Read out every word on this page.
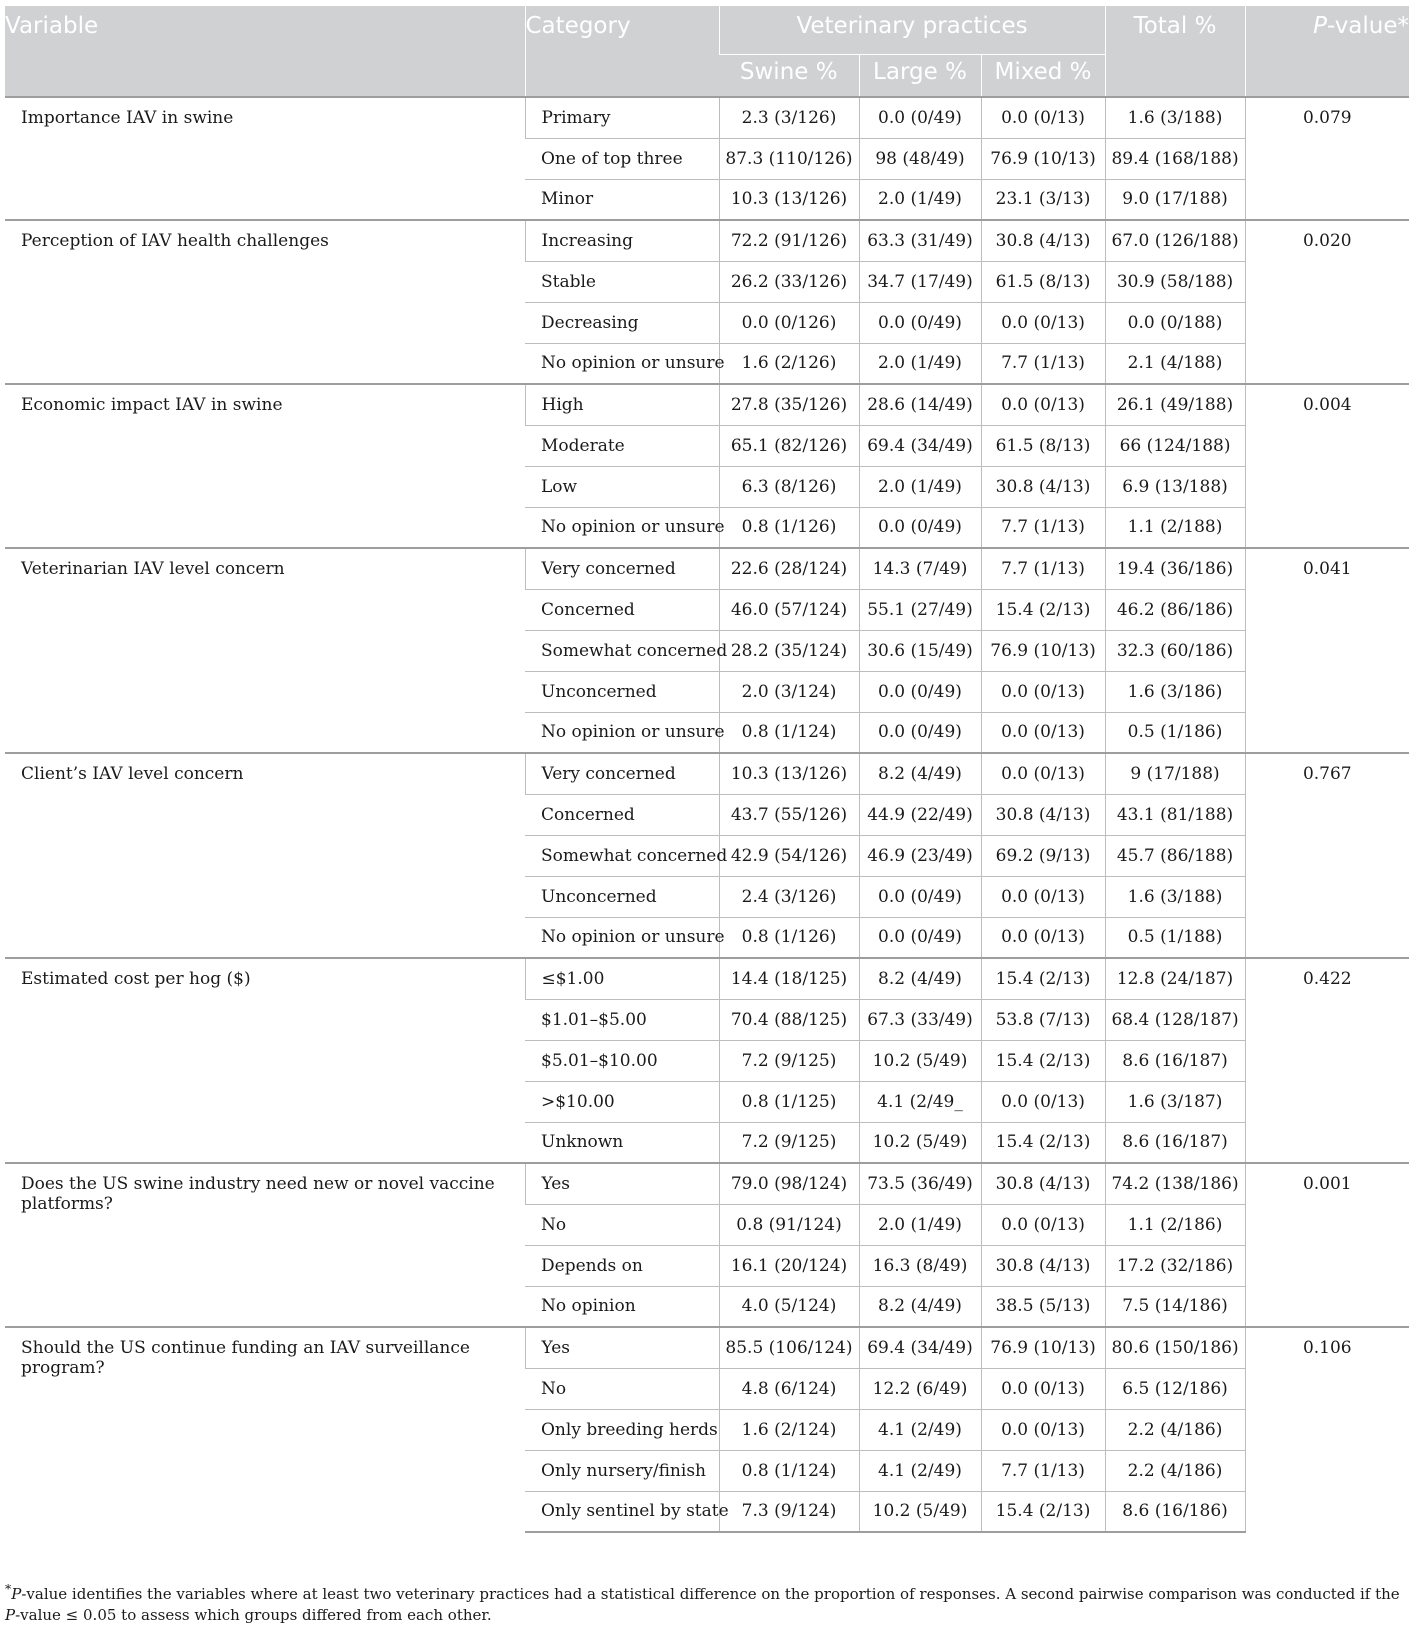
Variable	Category	Veterinary practices			Total %	P-value*
		Swine %	Large %	Mixed %		
Importance IAV in swine	Primary	2.3 (3/126)	0.0 (0/49)	0.0 (0/13)	1.6 (3/188)	0.079
	One of top three	87.3 (110/126)	98 (48/49)	76.9 (10/13)	89.4 (168/188)	
	Minor	10.3 (13/126)	2.0 (1/49)	23.1 (3/13)	9.0 (17/188)	
Perception of IAV health challenges	Increasing	72.2 (91/126)	63.3 (31/49)	30.8 (4/13)	67.0 (126/188)	0.020
	Stable	26.2 (33/126)	34.7 (17/49)	61.5 (8/13)	30.9 (58/188)	
	Decreasing	0.0 (0/126)	0.0 (0/49)	0.0 (0/13)	0.0 (0/188)	
	No opinion or unsure	1.6 (2/126)	2.0 (1/49)	7.7 (1/13)	2.1 (4/188)	
Economic impact IAV in swine	High	27.8 (35/126)	28.6 (14/49)	0.0 (0/13)	26.1 (49/188)	0.004
	Moderate	65.1 (82/126)	69.4 (34/49)	61.5 (8/13)	66 (124/188)	
	Low	6.3 (8/126)	2.0 (1/49)	30.8 (4/13)	6.9 (13/188)	
	No opinion or unsure	0.8 (1/126)	0.0 (0/49)	7.7 (1/13)	1.1 (2/188)	
Veterinarian IAV level concern	Very concerned	22.6 (28/124)	14.3 (7/49)	7.7 (1/13)	19.4 (36/186)	0.041
	Concerned	46.0 (57/124)	55.1 (27/49)	15.4 (2/13)	46.2 (86/186)	
	Somewhat concerned	28.2 (35/124)	30.6 (15/49)	76.9 (10/13)	32.3 (60/186)	
	Unconcerned	2.0 (3/124)	0.0 (0/49)	0.0 (0/13)	1.6 (3/186)	
	No opinion or unsure	0.8 (1/124)	0.0 (0/49)	0.0 (0/13)	0.5 (1/186)	
Client’s IAV level concern	Very concerned	10.3 (13/126)	8.2 (4/49)	0.0 (0/13)	9 (17/188)	0.767
	Concerned	43.7 (55/126)	44.9 (22/49)	30.8 (4/13)	43.1 (81/188)	
	Somewhat concerned	42.9 (54/126)	46.9 (23/49)	69.2 (9/13)	45.7 (86/188)	
	Unconcerned	2.4 (3/126)	0.0 (0/49)	0.0 (0/13)	1.6 (3/188)	
	No opinion or unsure	0.8 (1/126)	0.0 (0/49)	0.0 (0/13)	0.5 (1/188)	
Estimated cost per hog ($)	≤$1.00	14.4 (18/125)	8.2 (4/49)	15.4 (2/13)	12.8 (24/187)	0.422
	$1.01–$5.00	70.4 (88/125)	67.3 (33/49)	53.8 (7/13)	68.4 (128/187)	
	$5.01–$10.00	7.2 (9/125)	10.2 (5/49)	15.4 (2/13)	8.6 (16/187)	
	>$10.00	0.8 (1/125)	4.1 (2/49_	0.0 (0/13)	1.6 (3/187)	
	Unknown	7.2 (9/125)	10.2 (5/49)	15.4 (2/13)	8.6 (16/187)	
Does the US swine industry need new or novel vaccine platforms?	Yes	79.0 (98/124)	73.5 (36/49)	30.8 (4/13)	74.2 (138/186)	0.001
	No	0.8 (91/124)	2.0 (1/49)	0.0 (0/13)	1.1 (2/186)	
	Depends on	16.1 (20/124)	16.3 (8/49)	30.8 (4/13)	17.2 (32/186)	
	No opinion	4.0 (5/124)	8.2 (4/49)	38.5 (5/13)	7.5 (14/186)	
Should the US continue funding an IAV surveillance program?	Yes	85.5 (106/124)	69.4 (34/49)	76.9 (10/13)	80.6 (150/186)	0.106
	No	4.8 (6/124)	12.2 (6/49)	0.0 (0/13)	6.5 (12/186)	
	Only breeding herds	1.6 (2/124)	4.1 (2/49)	0.0 (0/13)	2.2 (4/186)	
	Only nursery/finish	0.8 (1/124)	4.1 (2/49)	7.7 (1/13)	2.2 (4/186)	
	Only sentinel by state	7.3 (9/124)	10.2 (5/49)	15.4 (2/13)	8.6 (16/186)	

*P-value identifies the variables where at least two veterinary practices had a statistical difference on the proportion of responses. A second pairwise comparison was conducted if the P-value ≤ 0.05 to assess which groups differed from each other.
